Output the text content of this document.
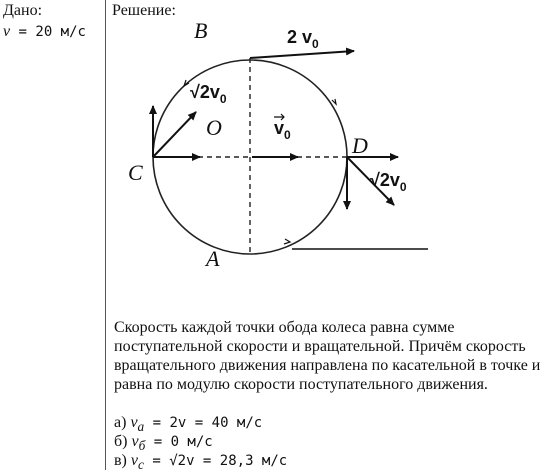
Дано:
v = 20 м/с
Решение:
B
A
C
D
O
2 $v_0$
$√2v_0$
$v_0$
$√2v_0$
Скорость каждой точки обода колеса равна сумме поступательной скорости и вращательной. Причём скорость вращательного движения направлена по касательной в точке и равна по модулю скорости поступательного движения.
а) $v_a = 2v = 40$ м/с
б) $v_б = 0$ м/с
в) $v_c = √2v = 28,3$ м/с
